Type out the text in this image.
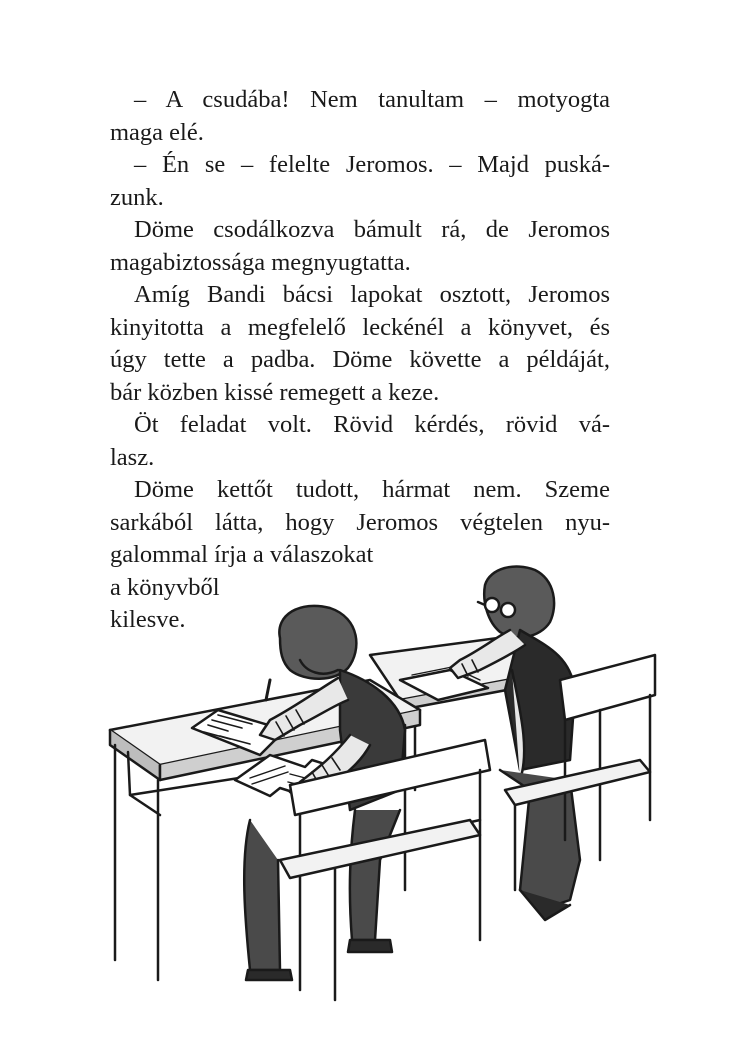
– A csudába! Nem tanultam – motyogta
maga elé.
– Én se – felelte Jeromos. – Majd puská-
zunk.
Döme csodálkozva bámult rá, de Jeromos
magabiztossága megnyugtatta.
Amíg Bandi bácsi lapokat osztott, Jeromos
kinyitotta a megfelelő leckénél a könyvet, és
úgy tette a padba. Döme követte a példáját,
bár közben kissé remegett a keze.
Öt feladat volt. Rövid kérdés, rövid vá-
lasz.
Döme kettőt tudott, hármat nem. Szeme
sarkából látta, hogy Jeromos végtelen nyu-
galommal írja a válaszokat
a könyvből
kilesve.
